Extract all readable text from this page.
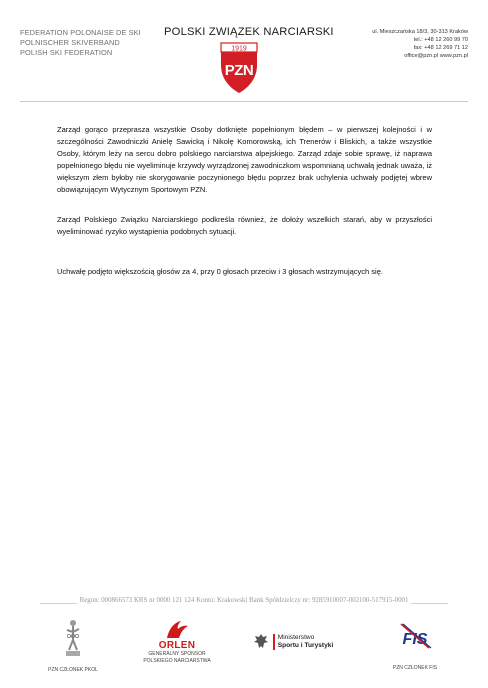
FEDERATION POLONAISE DE SKI
POLNISCHER SKIVERBAND
POLISH SKI FEDERATION
POLSKI ZWIĄZEK NARCIARSKI
1919
PZN
ul. Mieszczańska 18/3, 30-313 Kraków
tel.: +48 12 260 99 70
fax: +48 12 269 71 12
office@pzn.pl www.pzn.pl

Zarząd gorąco przeprasza wszystkie Osoby dotknięte popełnionym błędem – w pierwszej kolejności i w szczególności Zawodniczki Anielę Sawicką i Nikolę Komorowską, ich Trenerów i Bliskich, a także wszystkie Osoby, którym leży na sercu dobro polskiego narciarstwa alpejskiego. Zarząd zdaje sobie sprawę, iż naprawa popełnionego błędu nie wyeliminuje krzywdy wyrządzonej zawodniczkom wspomnianą uchwałą jednak uważa, iż większym złem byłoby nie skorygowanie poczynionego błędu poprzez brak uchylenia uchwały podjętej wbrew obowiązującym Wytycznym Sportowym PZN.

Zarząd Polskiego Związku Narciarskiego podkreśla również, że dołoży wszelkich starań, aby w przyszłości wyeliminować ryzyko wystąpienia podobnych sytuacji.

Uchwałę podjęto większością głosów za 4, przy 0 głosach przeciw i 3 głosach wstrzymujących się.

Regon: 000866573 KRS nr 0000 121 124 Konto: Krakowski Bank Spółdzielczy nr: 9285910007-002100-517915-0001
PZN CZŁONEK PKOL
ORLEN
GENERALNY SPONSOR
POLSKIEGO NARCIARSTWA
Ministerstwo
Sportu i Turystyki	FIS
PZN CZŁONEK FIS
